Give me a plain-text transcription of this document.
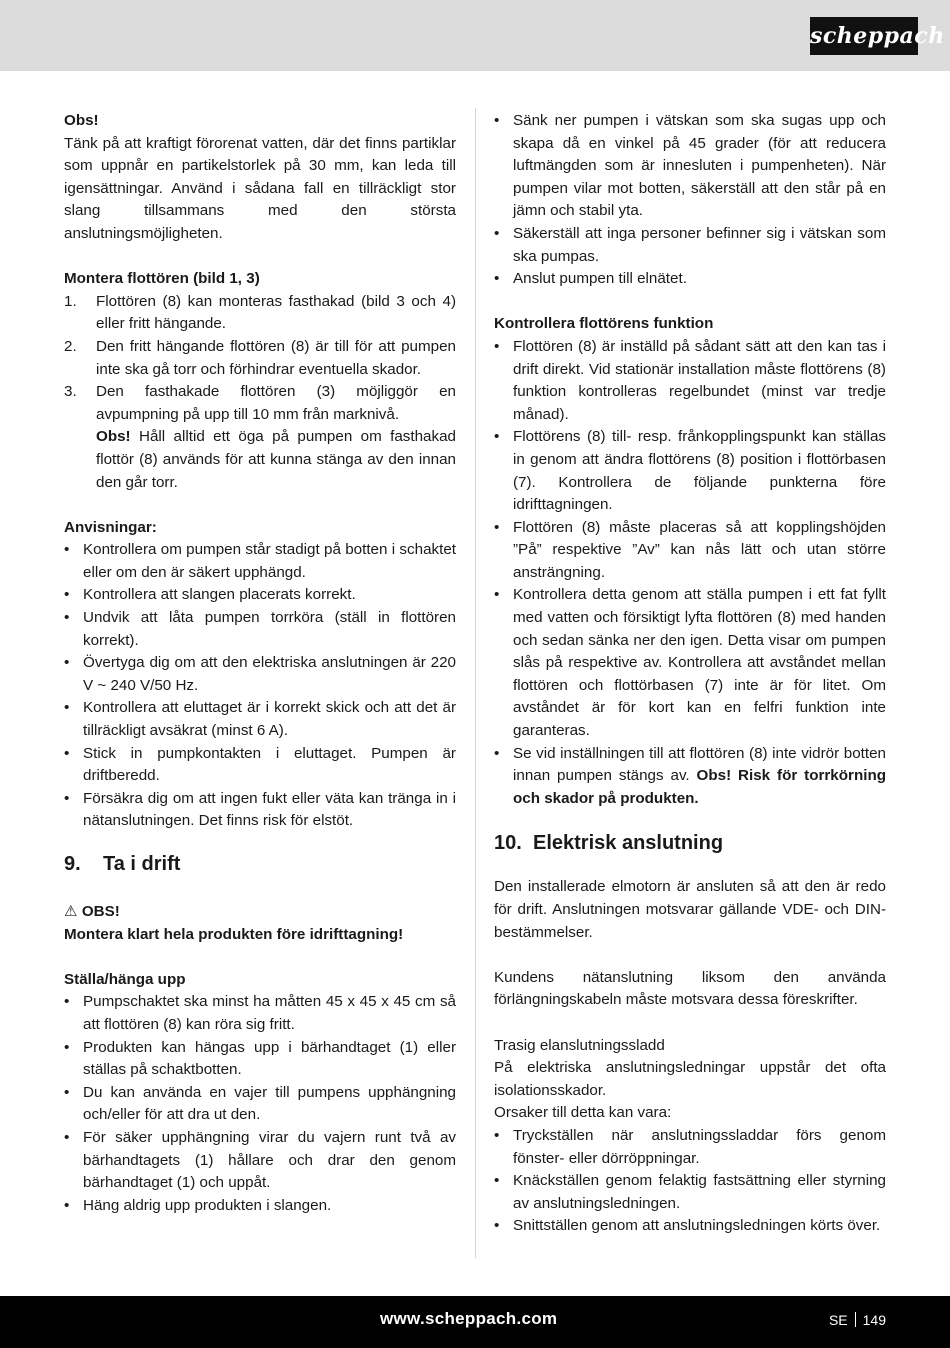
scheppach

Obs!

Tänk på att kraftigt förorenat vatten, där det finns partiklar som uppnår en partikelstorlek på 30 mm, kan leda till igensättningar. Använd i sådana fall en tillräckligt stor slang tillsammans med den största anslutningsmöjligheten.

Montera flottören (bild 1, 3)

1. Flottören (8) kan monteras fasthakad (bild 3 och 4) eller fritt hängande.
2. Den fritt hängande flottören (8) är till för att pumpen inte ska gå torr och förhindrar eventuella skador.
3. Den fasthakade flottören (3) möjliggör en avpumpning på upp till 10 mm från marknivå.
Obs! Håll alltid ett öga på pumpen om fasthakad flottör (8) används för att kunna stänga av den innan den går torr.

Anvisningar:

• Kontrollera om pumpen står stadigt på botten i schaktet eller om den är säkert upphängd.
• Kontrollera att slangen placerats korrekt.
• Undvik att låta pumpen torrköra (ställ in flottören korrekt).
• Övertyga dig om att den elektriska anslutningen är 220 V ~ 240 V/50 Hz.
• Kontrollera att eluttaget är i korrekt skick och att det är tillräckligt avsäkrat (minst 6 A).
• Stick in pumpkontakten i eluttaget. Pumpen är driftberedd.
• Försäkra dig om att ingen fukt eller väta kan tränga in i nätanslutningen. Det finns risk för elstöt.
9.	Ta i drift

⚠ OBS!

Montera klart hela produkten före idrifttagning!

Ställa/hänga upp

• Pumpschaktet ska minst ha måtten 45 x 45 x 45 cm så att flottören (8) kan röra sig fritt.
• Produkten kan hängas upp i bärhandtaget (1) eller ställas på schaktbotten.
• Du kan använda en vajer till pumpens upphängning och/eller för att dra ut den.
• För säker upphängning virar du vajern runt två av bärhandtagets (1) hållare och drar den genom bärhandtaget (1) och uppåt.
• Häng aldrig upp produkten i slangen.
• Sänk ner pumpen i vätskan som ska sugas upp och skapa då en vinkel på 45 grader (för att reducera luftmängden som är innesluten i pumpenheten). När pumpen vilar mot botten, säkerställ att den står på en jämn och stabil yta.
• Säkerställ att inga personer befinner sig i vätskan som ska pumpas.
• Anslut pumpen till elnätet.

Kontrollera flottörens funktion

• Flottören (8) är inställd på sådant sätt att den kan tas i drift direkt. Vid stationär installation måste flottörens (8) funktion kontrolleras regelbundet (minst var tredje månad).
• Flottörens (8) till- resp. frånkopplingspunkt kan ställas in genom att ändra flottörens (8) position i flottörbasen (7). Kontrollera de följande punkterna före idrifttagningen.
• Flottören (8) måste placeras så att kopplingshöjden ”På” respektive ”Av” kan nås lätt och utan större ansträngning.
• Kontrollera detta genom att ställa pumpen i ett fat fyllt med vatten och försiktigt lyfta flottören (8) med handen och sedan sänka ner den igen. Detta visar om pumpen slås på respektive av. Kontrollera att avståndet mellan flottören och flottörbasen (7) inte är för litet. Om avståndet är för kort kan en felfri funktion inte garanteras.
• Se vid inställningen till att flottören (8) inte vidrör botten innan pumpen stängs av. Obs! Risk för torrkörning och skador på produkten.
10. Elektrisk anslutning

Den installerade elmotorn är ansluten så att den är redo för drift. Anslutningen motsvarar gällande VDE- och DIN-bestämmelser.

Kundens nätanslutning liksom den använda förlängningskabeln måste motsvara dessa föreskrifter.

Trasig elanslutningssladd

På elektriska anslutningsledningar uppstår det ofta isolationsskador.

Orsaker till detta kan vara:

• Tryckställen när anslutningssladdar förs genom fönster- eller dörröppningar.
• Knäckställen genom felaktig fastsättning eller styrning av anslutningsledningen.
• Snittställen genom att anslutningsledningen körts över.
www.scheppach.com	SE 149
